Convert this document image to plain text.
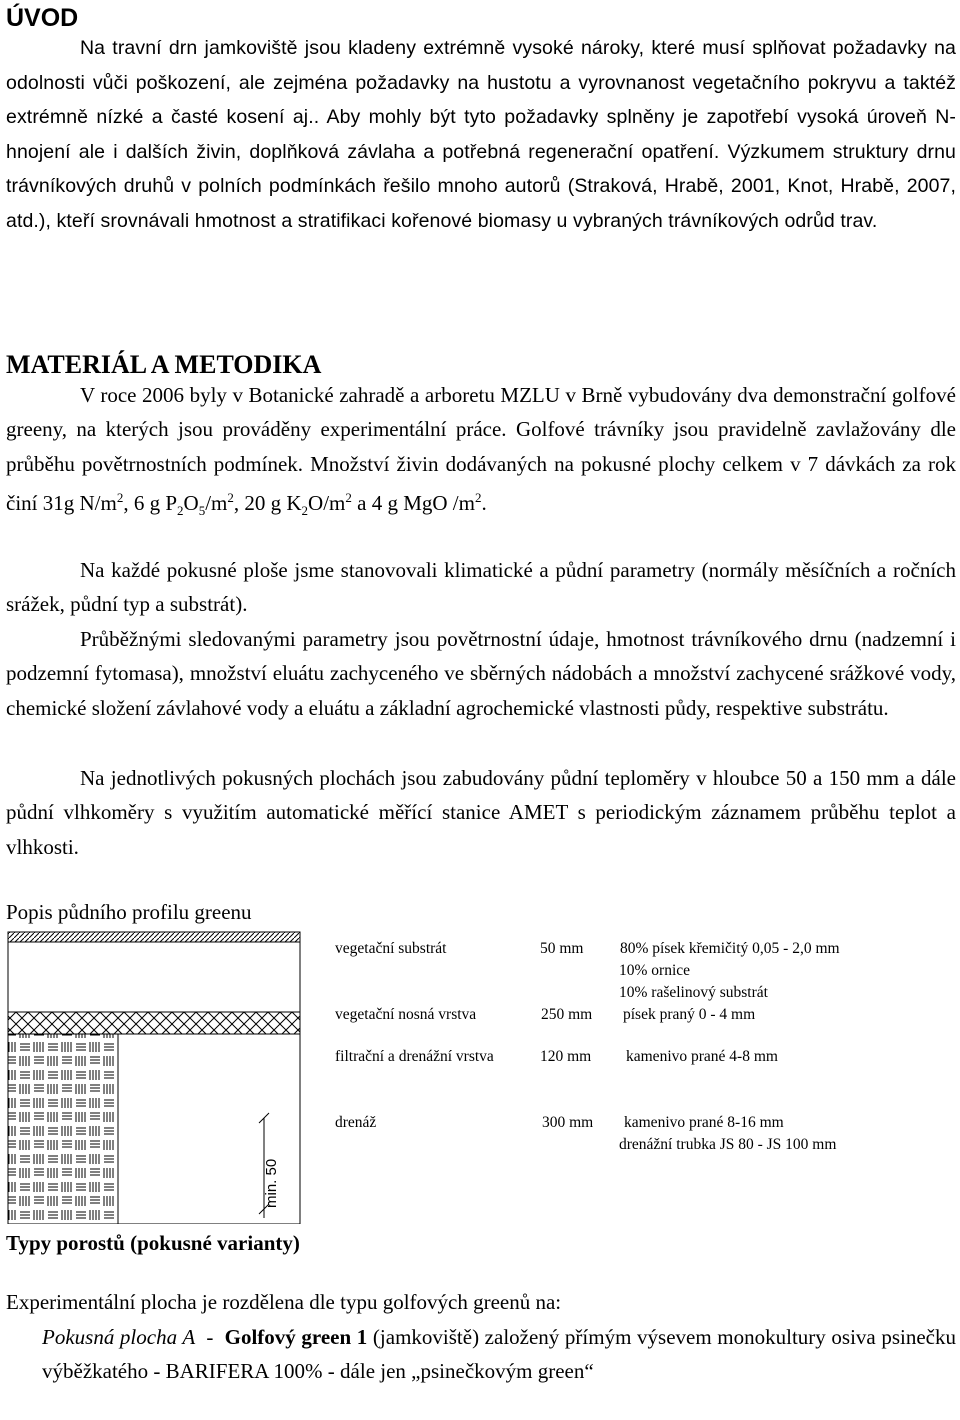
ÚVOD

Na travní drn jamkoviště jsou kladeny extrémně vysoké nároky, které musí splňovat požadavky na odolnosti vůči poškození, ale zejména požadavky na hustotu a vyrovnanost vegetačního pokryvu a taktéž extrémně nízké a časté kosení aj.. Aby mohly být tyto požadavky splněny je zapotřebí vysoká úroveň N-hnojení ale i dalších živin, doplňková závlaha a potřebná regenerační opatření. Výzkumem struktury drnu trávníkových druhů v polních podmínkách řešilo mnoho autorů (Straková, Hrabě, 2001, Knot, Hrabě, 2007, atd.), kteří srovnávali hmotnost a stratifikaci kořenové biomasy u vybraných trávníkových odrůd trav.

MATERIÁL A METODIKA

V roce 2006 byly v Botanické zahradě a arboretu MZLU v Brně vybudovány dva demonstrační golfové greeny, na kterých jsou prováděny experimentální práce. Golfové trávníky jsou pravidelně zavlažovány dle průběhu povětrnostních podmínek. Množství živin dodávaných na pokusné plochy celkem v 7 dávkách za rok činí 31g $N/m^2$, 6 g $P_2O_5/m^2$, 20 g $K_2O/m^2$ a 4 g MgO $/m^2$.

Na každé pokusné ploše jsme stanovovali klimatické a půdní parametry (normály měsíčních a ročních srážek, půdní typ a substrát).

Průběžnými sledovanými parametry jsou povětrnostní údaje, hmotnost trávníkového drnu (nadzemní i podzemní fytomasa), množství eluátu zachyceného ve sběrných nádobách a množství zachycené srážkové vody, chemické složení závlahové vody a eluátu a základní agrochemické vlastnosti půdy, respektive substrátu.

Na jednotlivých pokusných plochách jsou zabudovány půdní teploměry v hloubce 50 a 150 mm a dále půdní vlhkoměry s využitím automatické měřící stanice AMET s periodickým záznamem průběhu teplot a vlhkosti.

Popis půdního profilu greenu
min. 50
vegetační substrát	50 mm 80% písek křemičitý 0,05 - 2,0 mm
10% ornice
10% rašelinový substrát
vegetační nosná vrstva	250 mm písek praný 0 - 4 mm
filtrační a drenážní vrstva	120 mm kamenivo prané 4-8 mm
drenáž	300 mm kamenivo prané 8-16 mm
drenážní trubka JS 80 - JS 100 mm
Typy porostů (pokusné varianty)
Experimentální plocha je rozdělena dle typu golfových greenů na:

Pokusná plocha A  -  Golfový green 1 (jamkoviště) založený přímým výsevem monokultury osiva psinečku výběžkatého - BARIFERA 100% - dále jen „psinečkovým green“
